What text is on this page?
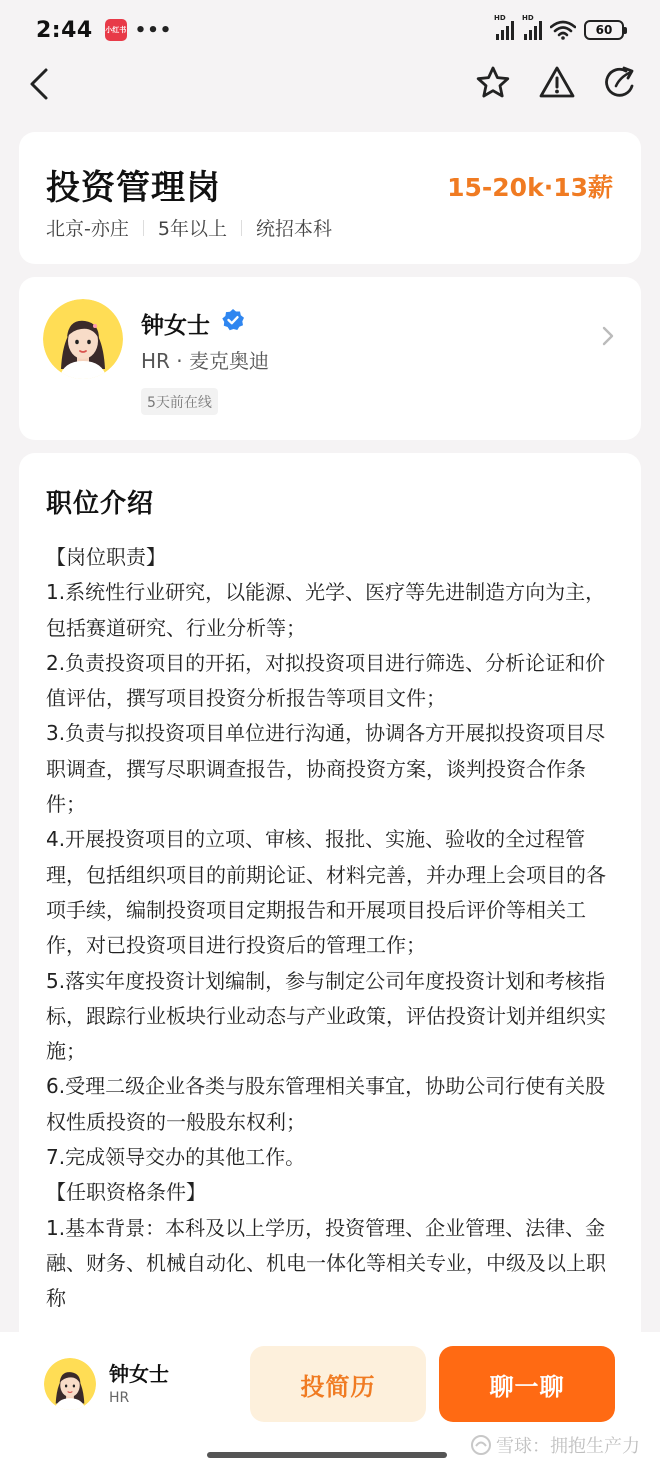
2:44 小红书 •••
HD HD
60
投资管理岗	15-20k·13薪
北京-亦庄 5年以上 统招本科
钟女士
HR · 麦克奥迪
5天前在线
职位介绍

【岗位职责】

1.系统性行业研究，以能源、光学、医疗等先进制造方向为主，包括赛道研究、行业分析等；

2.负责投资项目的开拓，对拟投资项目进行筛选、分析论证和价值评估，撰写项目投资分析报告等项目文件；

3.负责与拟投资项目单位进行沟通，协调各方开展拟投资项目尽职调查，撰写尽职调查报告，协商投资方案，谈判投资合作条件；

4.开展投资项目的立项、审核、报批、实施、验收的全过程管理，包括组织项目的前期论证、材料完善，并办理上会项目的各项手续，编制投资项目定期报告和开展项目投后评价等相关工作，对已投资项目进行投资后的管理工作；

5.落实年度投资计划编制，参与制定公司年度投资计划和考核指标，跟踪行业板块行业动态与产业政策，评估投资计划并组织实施；

6.受理二级企业各类与股东管理相关事宜，协助公司行使有关股权性质投资的一般股东权利；

7.完成领导交办的其他工作。

【任职资格条件】

1.基本背景：本科及以上学历，投资管理、企业管理、法律、金融、财务、机械自动化、机电一体化等相关专业，中级及以上职称

钟女士
HR	投简历	聊一聊
雪球：拥抱生产力
